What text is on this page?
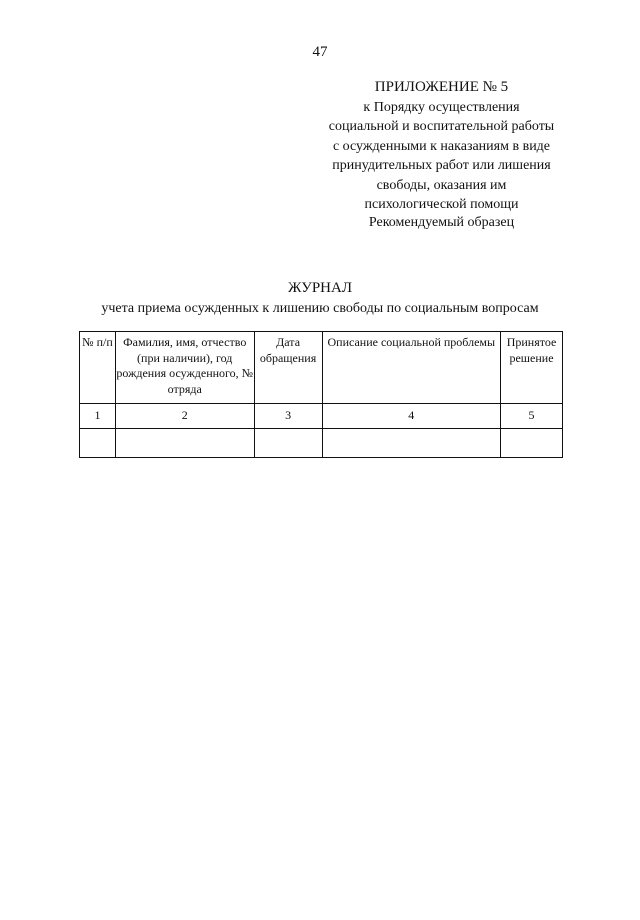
47
ПРИЛОЖЕНИЕ № 5
к Порядку осуществления
социальной и воспитательной работы
с осужденными к наказаниям в виде
принудительных работ или лишения
свободы, оказания им
психологической помощи
Рекомендуемый образец
ЖУРНАЛ
учета приема осужденных к лишению свободы по социальным вопросам
№ п/п	Фамилия, имя, отчество (при наличии), год рождения осужденного, № отряда	Дата обращения	Описание социальной проблемы	Принятое решение
1	2	3	4	5
